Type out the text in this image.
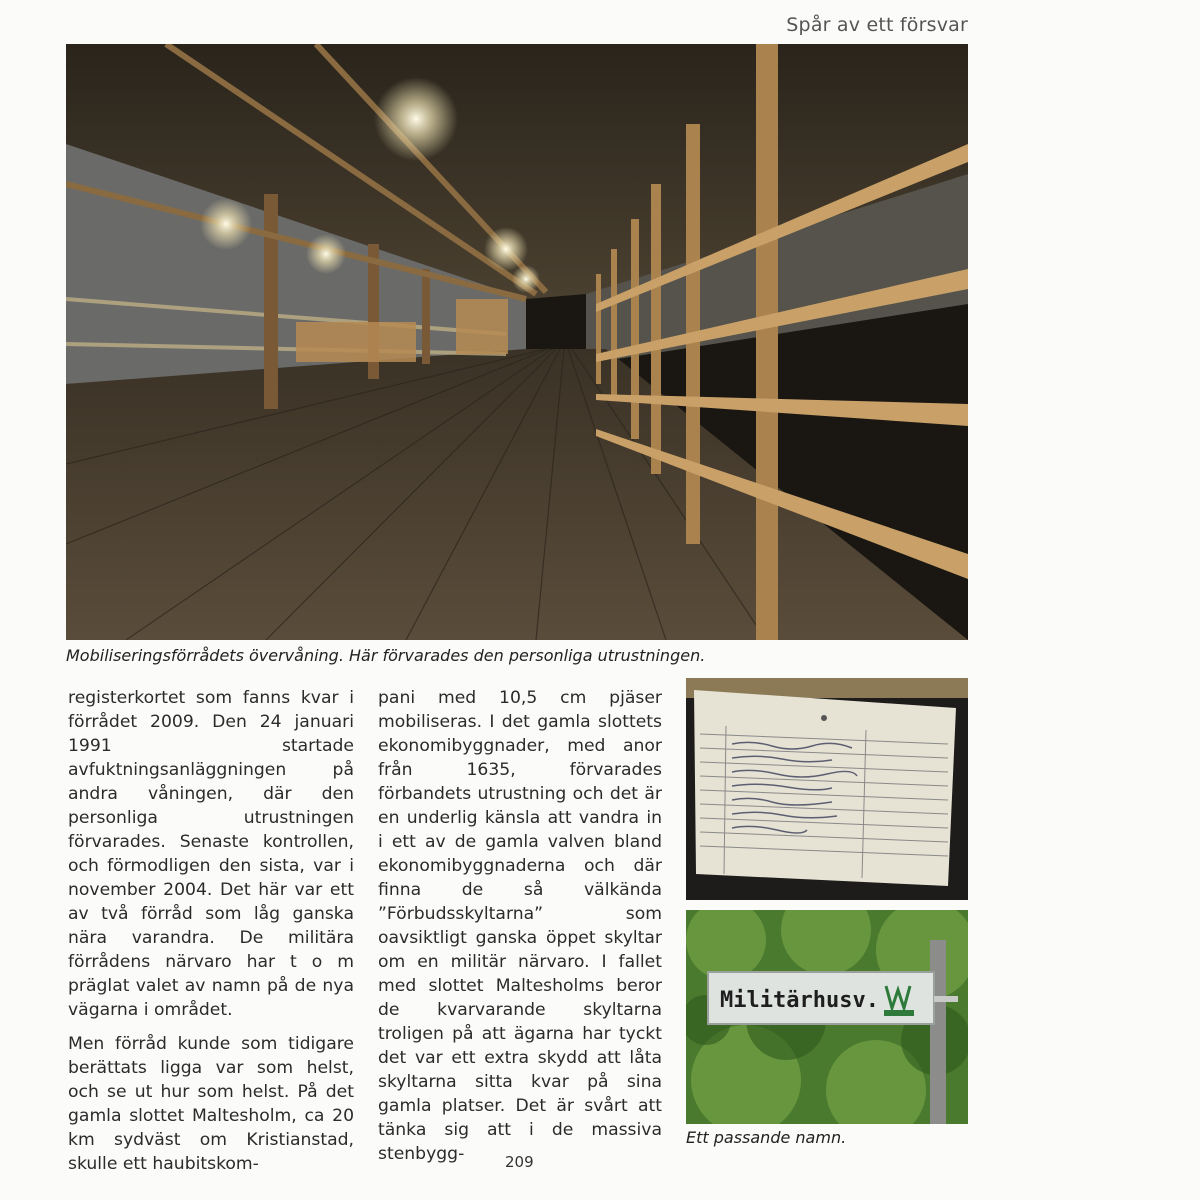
Spår av ett försvar
Mobiliseringsförrådets övervåning. Här förvarades den personliga utrustningen.

registerkortet som fanns kvar i förrådet 2009. Den 24 januari 1991 startade avfuktningsanläggningen på andra våningen, där den personliga utrustningen förvarades. Senaste kontrollen, och förmodligen den sista, var i november 2004. Det här var ett av två förråd som låg ganska nära varandra. De militära förrådens närvaro har t o m präglat valet av namn på de nya vägarna i området.

Men förråd kunde som tidigare berättats ligga var som helst, och se ut hur som helst. På det gamla slottet Maltesholm, ca 20 km sydväst om Kristianstad, skulle ett haubitskom-

pani med 10,5 cm pjäser mobiliseras. I det gamla slottets ekonomibyggnader, med anor från 1635, förvarades förbandets utrustning och det är en underlig känsla att vandra in i ett av de gamla valven bland ekonomibyggnaderna och där finna de så välkända ”Förbudsskyltarna” som oavsiktligt ganska öppet skyltar om en militär närvaro. I fallet med slottet Maltesholms beror de kvarvarande skyltarna troligen på att ägarna har tyckt det var ett extra skydd att låta skyltarna sitta kvar på sina gamla platser. Det är svårt att tänka sig att i de massiva stenbygg-

Militärhusv.
Ett passande namn.
209
